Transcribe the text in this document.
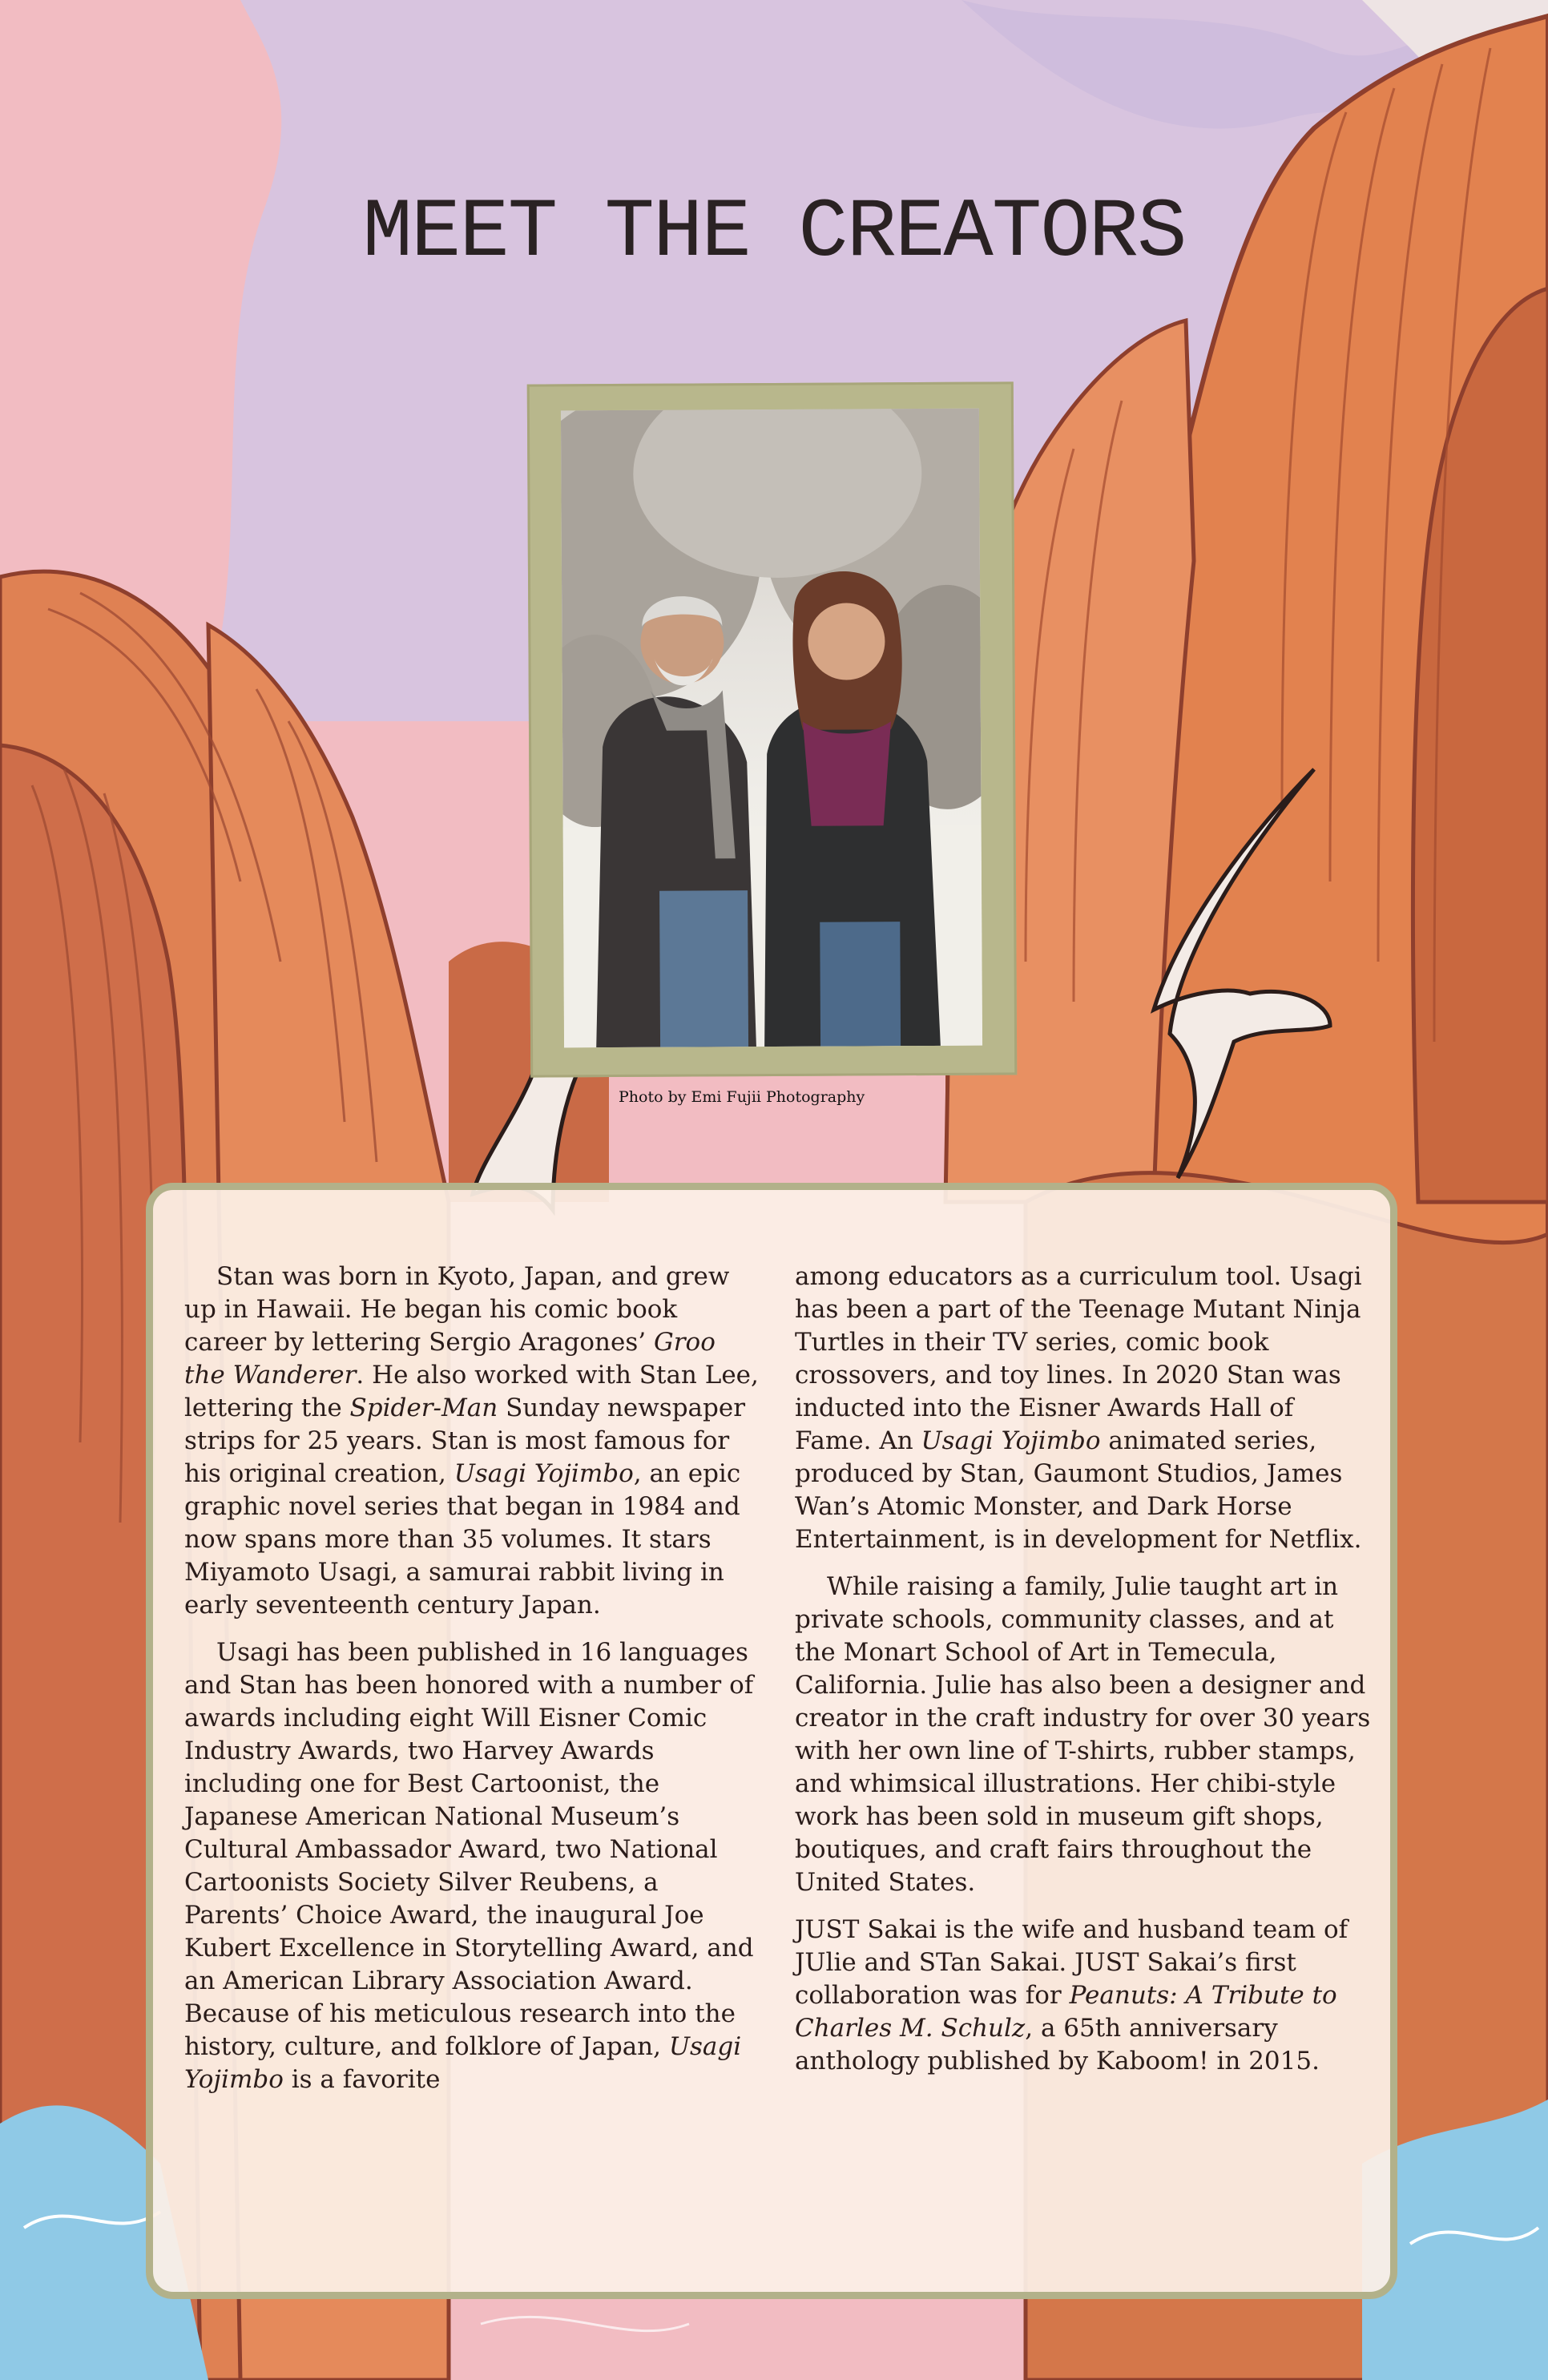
MEET THE CREATORS
Photo by Emi Fujii Photography

Stan was born in Kyoto, Japan, and grew up in Hawaii. He began his comic book career by lettering Sergio Aragones’ Groo the Wanderer. He also worked with Stan Lee, lettering the Spider-Man Sunday newspaper strips for 25 years. Stan is most famous for his original creation, Usagi Yojimbo, an epic graphic novel series that began in 1984 and now spans more than 35 volumes. It stars Miyamoto Usagi, a samurai rabbit living in early seventeenth century Japan.

Usagi has been published in 16 languages and Stan has been honored with a number of awards including eight Will Eisner Comic Industry Awards, two Harvey Awards including one for Best Cartoonist, the Japanese American National Museum’s Cultural Ambassador Award, two National Cartoonists Society Silver Reubens, a Parents’ Choice Award, the inaugural Joe Kubert Excellence in Storytelling Award, and an American Library Association Award. Because of his meticulous research into the history, culture, and folklore of Japan, Usagi Yojimbo is a favorite

among educators as a curriculum tool. Usagi has been a part of the Teenage Mutant Ninja Turtles in their TV series, comic book crossovers, and toy lines. In 2020 Stan was inducted into the Eisner Awards Hall of Fame. An Usagi Yojimbo animated series, produced by Stan, Gaumont Studios, James Wan’s Atomic Monster, and Dark Horse Entertainment, is in development for Netflix.

While raising a family, Julie taught art in private schools, community classes, and at the Monart School of Art in Temecula, California. Julie has also been a designer and creator in the craft industry for over 30 years with her own line of T-shirts, rubber stamps, and whimsical illustrations. Her chibi-style work has been sold in museum gift shops, boutiques, and craft fairs throughout the United States.

JUST Sakai is the wife and husband team of JUlie and STan Sakai. JUST Sakai’s first collaboration was for Peanuts: A Tribute to Charles M. Schulz, a 65th anniversary anthology published by Kaboom! in 2015.
